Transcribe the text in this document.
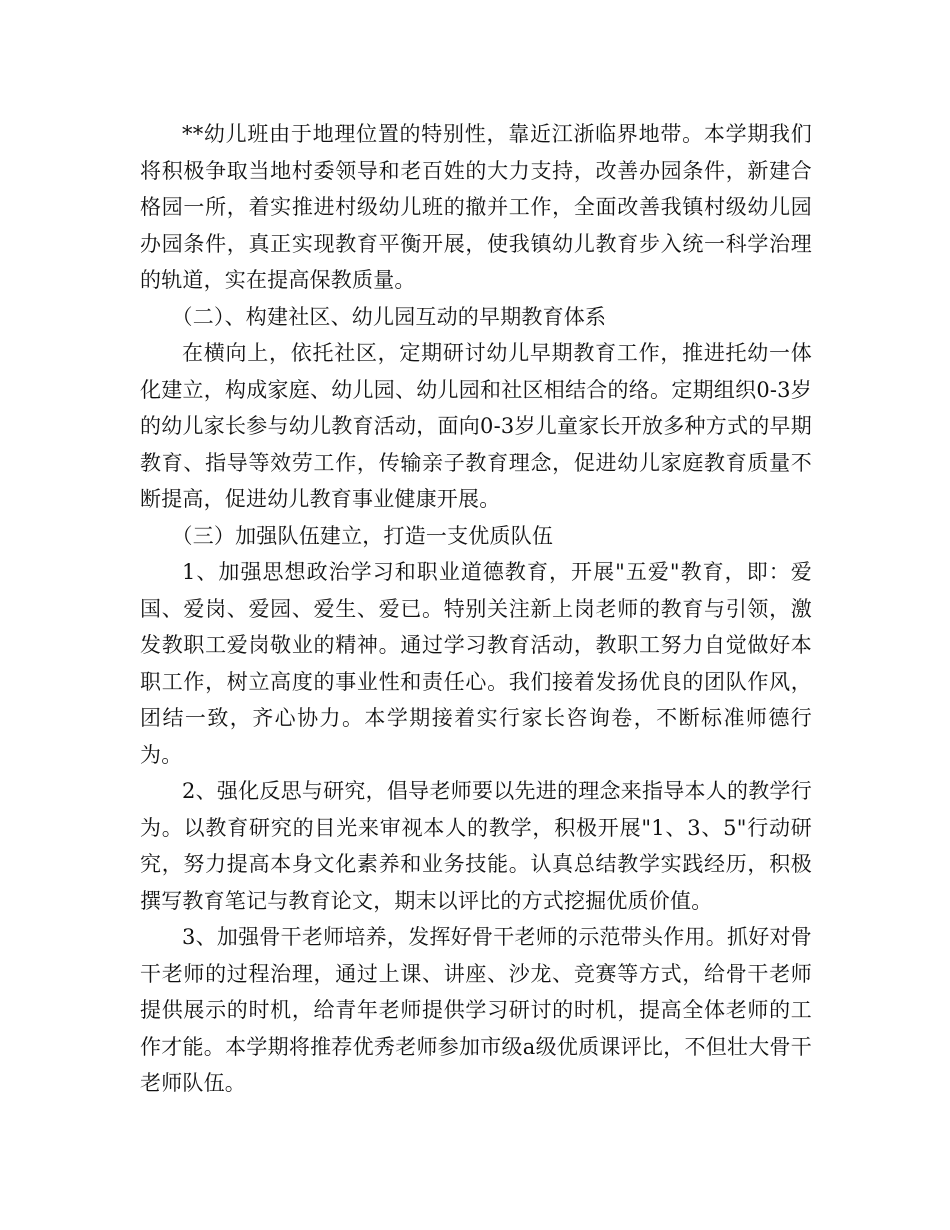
**幼儿班由于地理位置的特别性，靠近江浙临界地带。本学期我们将积极争取当地村委领导和老百姓的大力支持，改善办园条件，新建合格园一所，着实推进村级幼儿班的撤并工作，全面改善我镇村级幼儿园办园条件，真正实现教育平衡开展，使我镇幼儿教育步入统一科学治理的轨道，实在提高保教质量。

（二）、构建社区、幼儿园互动的早期教育体系

在横向上，依托社区，定期研讨幼儿早期教育工作，推进托幼一体化建立，构成家庭、幼儿园、幼儿园和社区相结合的络。定期组织0-3岁的幼儿家长参与幼儿教育活动，面向0-3岁儿童家长开放多种方式的早期教育、指导等效劳工作，传输亲子教育理念，促进幼儿家庭教育质量不断提高，促进幼儿教育事业健康开展。

（三）加强队伍建立，打造一支优质队伍

1、加强思想政治学习和职业道德教育，开展"五爱"教育，即：爱国、爱岗、爱园、爱生、爱已。特别关注新上岗老师的教育与引领，激发教职工爱岗敬业的精神。通过学习教育活动，教职工努力自觉做好本职工作，树立高度的事业性和责任心。我们接着发扬优良的团队作风，团结一致，齐心协力。本学期接着实行家长咨询卷，不断标准师德行为。

2、强化反思与研究，倡导老师要以先进的理念来指导本人的教学行为。以教育研究的目光来审视本人的教学，积极开展"1、3、5"行动研究，努力提高本身文化素养和业务技能。认真总结教学实践经历，积极撰写教育笔记与教育论文，期末以评比的方式挖掘优质价值。

3、加强骨干老师培养，发挥好骨干老师的示范带头作用。抓好对骨干老师的过程治理，通过上课、讲座、沙龙、竞赛等方式，给骨干老师提供展示的时机，给青年老师提供学习研讨的时机，提高全体老师的工作才能。本学期将推荐优秀老师参加市级a级优质课评比，不但壮大骨干老师队伍。
